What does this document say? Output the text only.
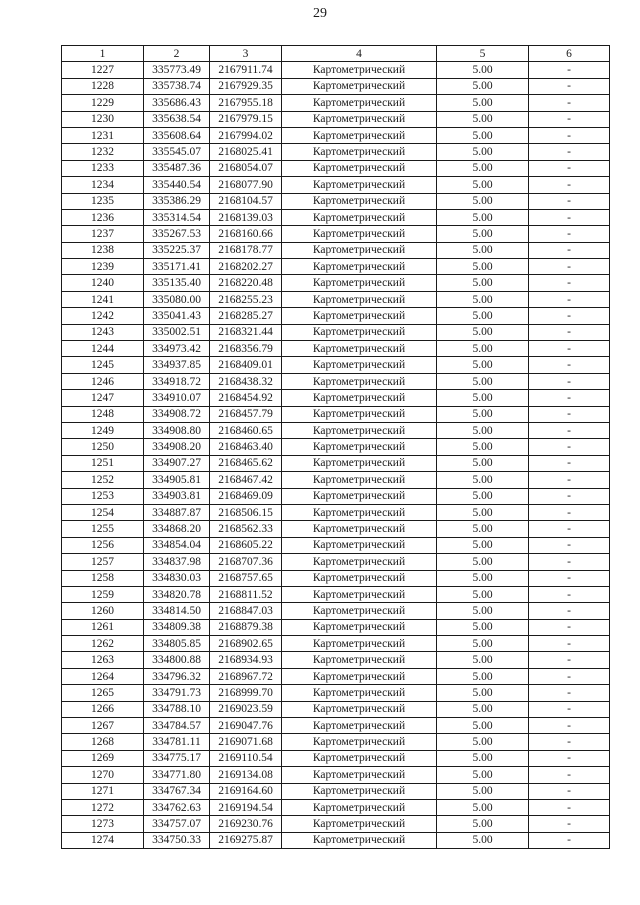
29
1	2	3	4	5	6
1227	335773.49	2167911.74	Картометрический	5.00	-
1228	335738.74	2167929.35	Картометрический	5.00	-
1229	335686.43	2167955.18	Картометрический	5.00	-
1230	335638.54	2167979.15	Картометрический	5.00	-
1231	335608.64	2167994.02	Картометрический	5.00	-
1232	335545.07	2168025.41	Картометрический	5.00	-
1233	335487.36	2168054.07	Картометрический	5.00	-
1234	335440.54	2168077.90	Картометрический	5.00	-
1235	335386.29	2168104.57	Картометрический	5.00	-
1236	335314.54	2168139.03	Картометрический	5.00	-
1237	335267.53	2168160.66	Картометрический	5.00	-
1238	335225.37	2168178.77	Картометрический	5.00	-
1239	335171.41	2168202.27	Картометрический	5.00	-
1240	335135.40	2168220.48	Картометрический	5.00	-
1241	335080.00	2168255.23	Картометрический	5.00	-
1242	335041.43	2168285.27	Картометрический	5.00	-
1243	335002.51	2168321.44	Картометрический	5.00	-
1244	334973.42	2168356.79	Картометрический	5.00	-
1245	334937.85	2168409.01	Картометрический	5.00	-
1246	334918.72	2168438.32	Картометрический	5.00	-
1247	334910.07	2168454.92	Картометрический	5.00	-
1248	334908.72	2168457.79	Картометрический	5.00	-
1249	334908.80	2168460.65	Картометрический	5.00	-
1250	334908.20	2168463.40	Картометрический	5.00	-
1251	334907.27	2168465.62	Картометрический	5.00	-
1252	334905.81	2168467.42	Картометрический	5.00	-
1253	334903.81	2168469.09	Картометрический	5.00	-
1254	334887.87	2168506.15	Картометрический	5.00	-
1255	334868.20	2168562.33	Картометрический	5.00	-
1256	334854.04	2168605.22	Картометрический	5.00	-
1257	334837.98	2168707.36	Картометрический	5.00	-
1258	334830.03	2168757.65	Картометрический	5.00	-
1259	334820.78	2168811.52	Картометрический	5.00	-
1260	334814.50	2168847.03	Картометрический	5.00	-
1261	334809.38	2168879.38	Картометрический	5.00	-
1262	334805.85	2168902.65	Картометрический	5.00	-
1263	334800.88	2168934.93	Картометрический	5.00	-
1264	334796.32	2168967.72	Картометрический	5.00	-
1265	334791.73	2168999.70	Картометрический	5.00	-
1266	334788.10	2169023.59	Картометрический	5.00	-
1267	334784.57	2169047.76	Картометрический	5.00	-
1268	334781.11	2169071.68	Картометрический	5.00	-
1269	334775.17	2169110.54	Картометрический	5.00	-
1270	334771.80	2169134.08	Картометрический	5.00	-
1271	334767.34	2169164.60	Картометрический	5.00	-
1272	334762.63	2169194.54	Картометрический	5.00	-
1273	334757.07	2169230.76	Картометрический	5.00	-
1274	334750.33	2169275.87	Картометрический	5.00	-
